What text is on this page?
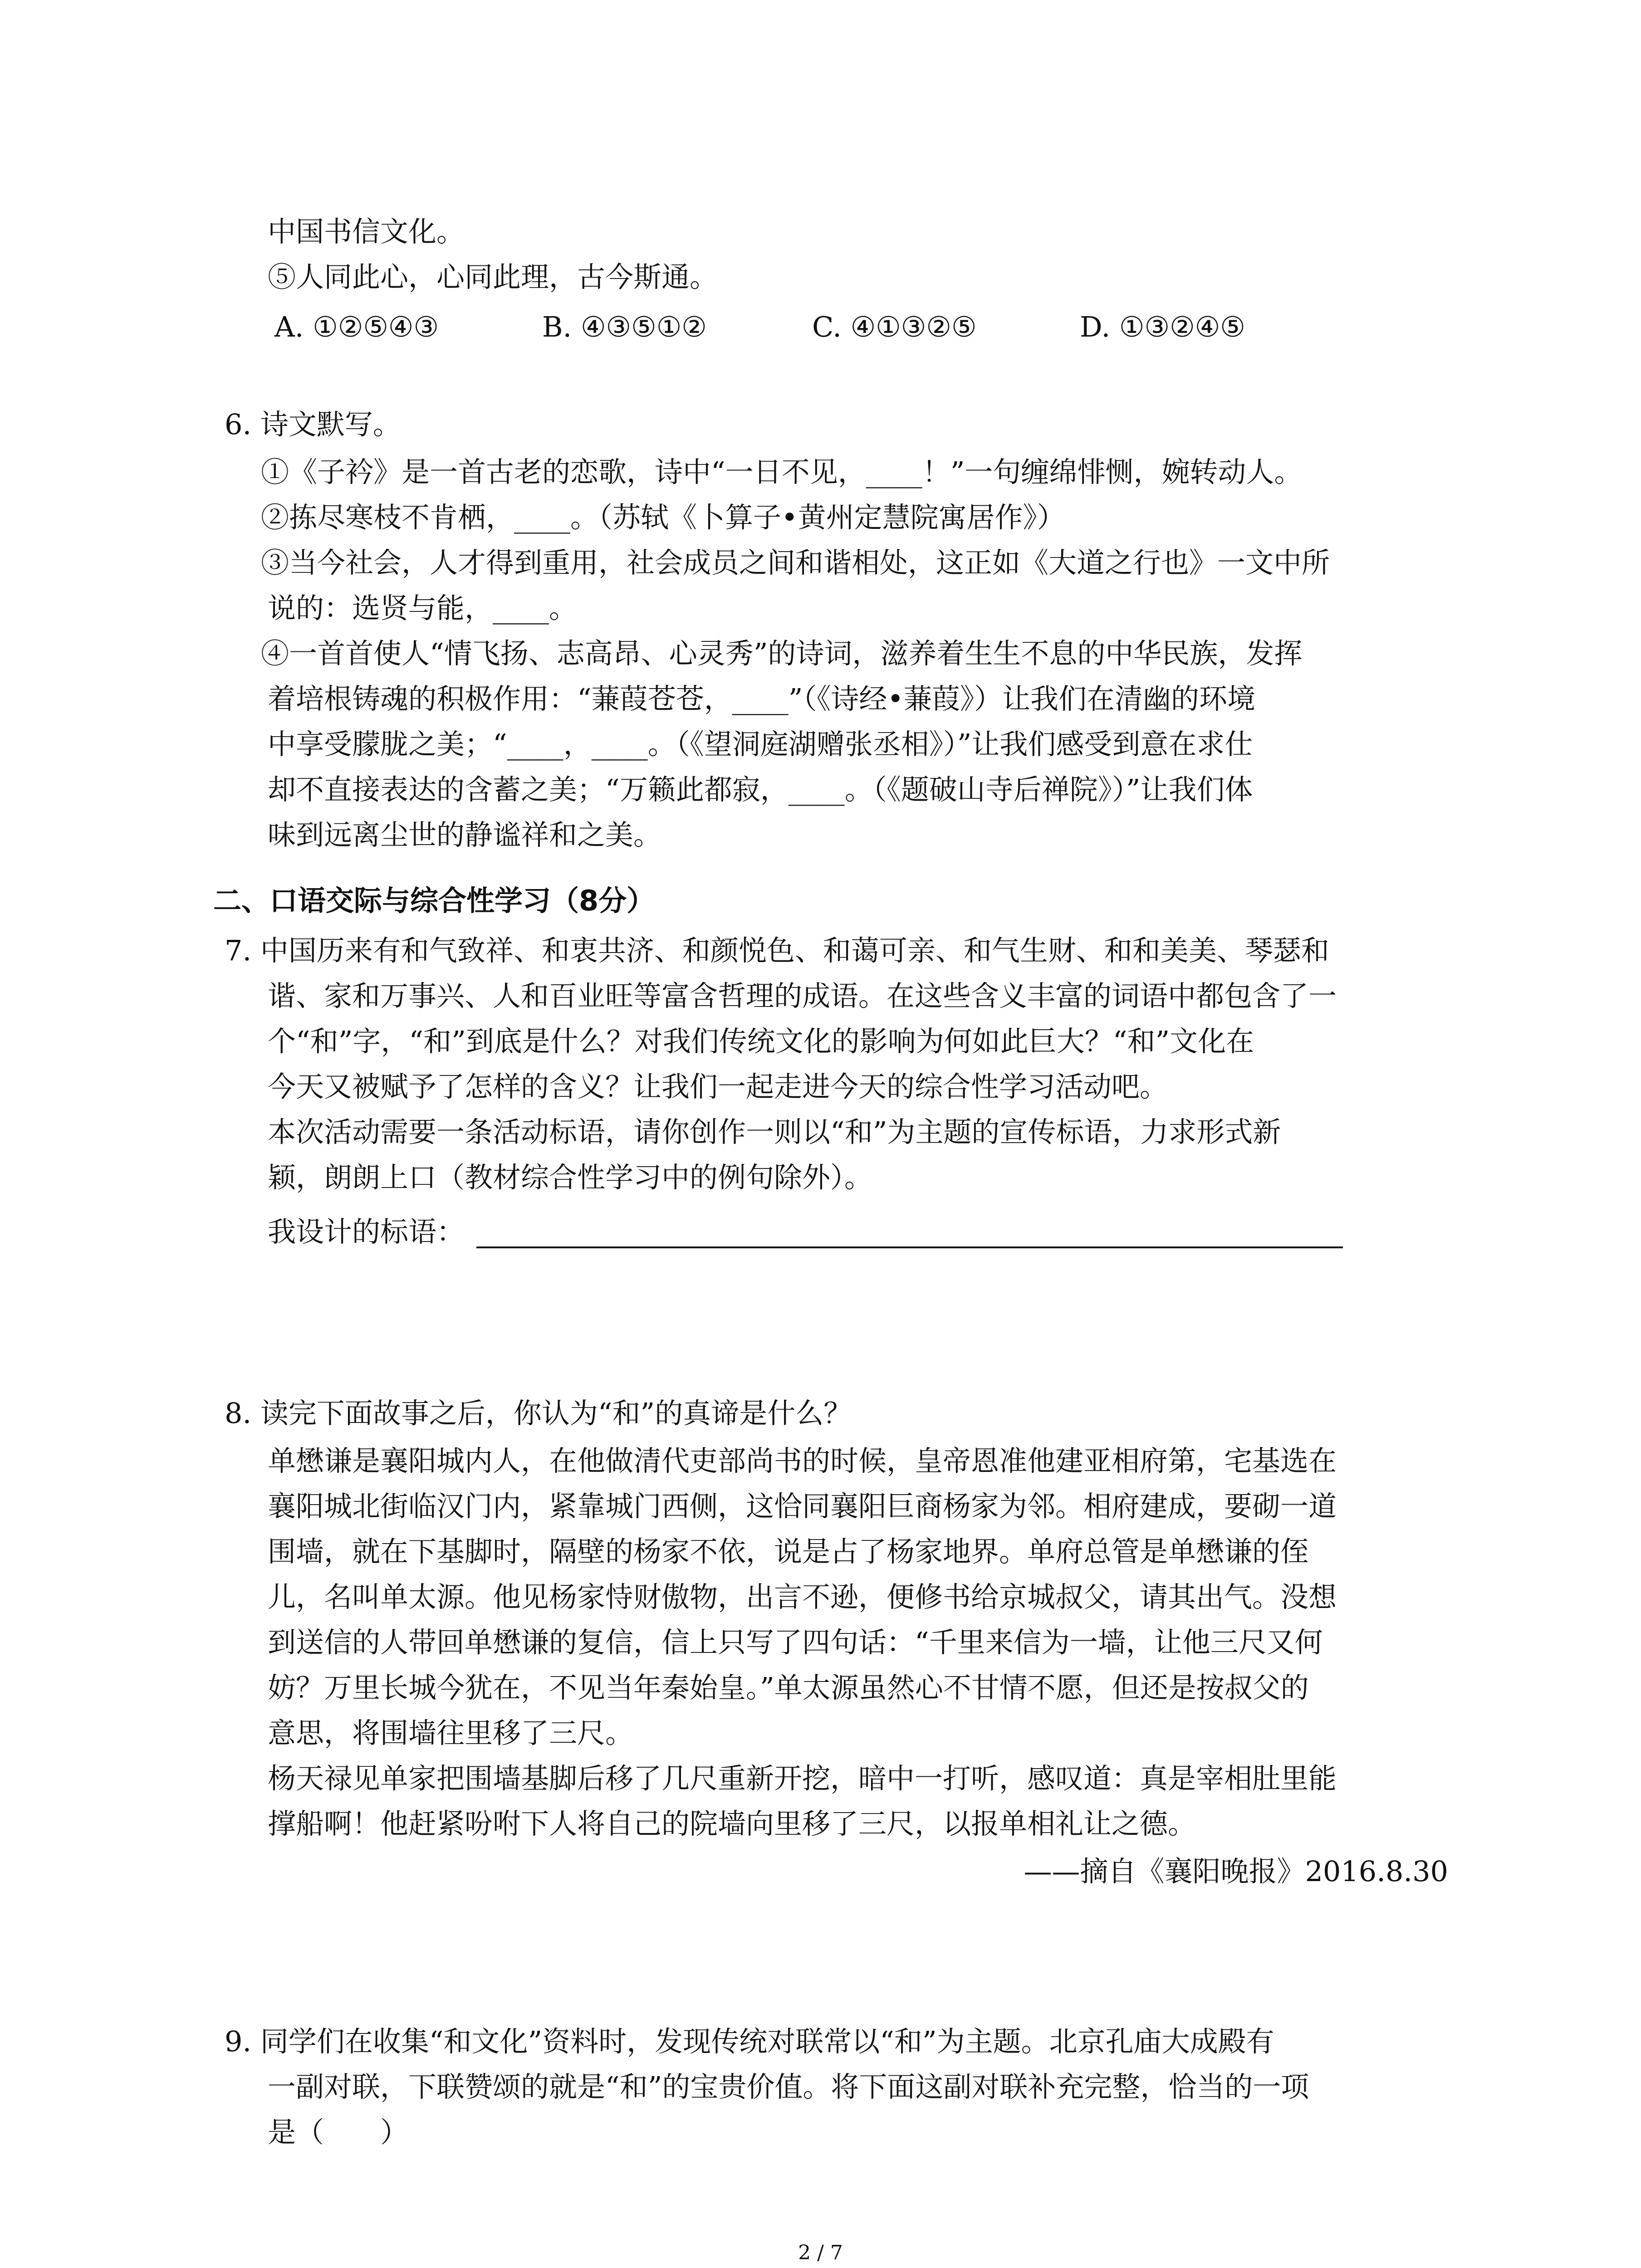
中国书信文化。
⑤人同此心，心同此理，古今斯通。
A. ①②⑤④③	B. ④③⑤①②	C. ④①③②⑤	D. ①③②④⑤
6. 诗文默写。
①《子衿》是一首古老的恋歌，诗中“一日不见，____！”一句缠绵悱恻，婉转动人。
②拣尽寒枝不肯栖，____。（苏轼《卜算子•黄州定慧院寓居作》）
③当今社会，人才得到重用，社会成员之间和谐相处，这正如《大道之行也》一文中所
说的：选贤与能，____。
④一首首使人“情飞扬、志高昂、心灵秀”的诗词，滋养着生生不息的中华民族，发挥
着培根铸魂的积极作用：“蒹葭苍苍，____”（《诗经•蒹葭》）让我们在清幽的环境
中享受朦胧之美；“____，____。（《望洞庭湖赠张丞相》）”让我们感受到意在求仕
却不直接表达的含蓄之美；“万籁此都寂，____。（《题破山寺后禅院》）”让我们体
味到远离尘世的静谧祥和之美。
二、口语交际与综合性学习（8分）
7. 中国历来有和气致祥、和衷共济、和颜悦色、和蔼可亲、和气生财、和和美美、琴瑟和
谐、家和万事兴、人和百业旺等富含哲理的成语。在这些含义丰富的词语中都包含了一
个“和”字，“和”到底是什么？对我们传统文化的影响为何如此巨大？“和”文化在
今天又被赋予了怎样的含义？让我们一起走进今天的综合性学习活动吧。
本次活动需要一条活动标语，请你创作一则以“和”为主题的宣传标语，力求形式新
颖，朗朗上口（教材综合性学习中的例句除外）。
我设计的标语：
8. 读完下面故事之后，你认为“和”的真谛是什么？
单懋谦是襄阳城内人，在他做清代吏部尚书的时候，皇帝恩准他建亚相府第，宅基选在
襄阳城北街临汉门内，紧靠城门西侧，这恰同襄阳巨商杨家为邻。相府建成，要砌一道
围墙，就在下基脚时，隔壁的杨家不依，说是占了杨家地界。单府总管是单懋谦的侄
儿，名叫单太源。他见杨家恃财傲物，出言不逊，便修书给京城叔父，请其出气。没想
到送信的人带回单懋谦的复信，信上只写了四句话：“千里来信为一墙，让他三尺又何
妨？万里长城今犹在，不见当年秦始皇。”单太源虽然心不甘情不愿，但还是按叔父的
意思，将围墙往里移了三尺。
杨天禄见单家把围墙基脚后移了几尺重新开挖，暗中一打听，感叹道：真是宰相肚里能
撑船啊！他赶紧吩咐下人将自己的院墙向里移了三尺，以报单相礼让之德。
——摘自《襄阳晚报》2016.8.30
9. 同学们在收集“和文化”资料时，发现传统对联常以“和”为主题。北京孔庙大成殿有
一副对联，下联赞颂的就是“和”的宝贵价值。将下面这副对联补充完整，恰当的一项
是（　　）
2 / 7
